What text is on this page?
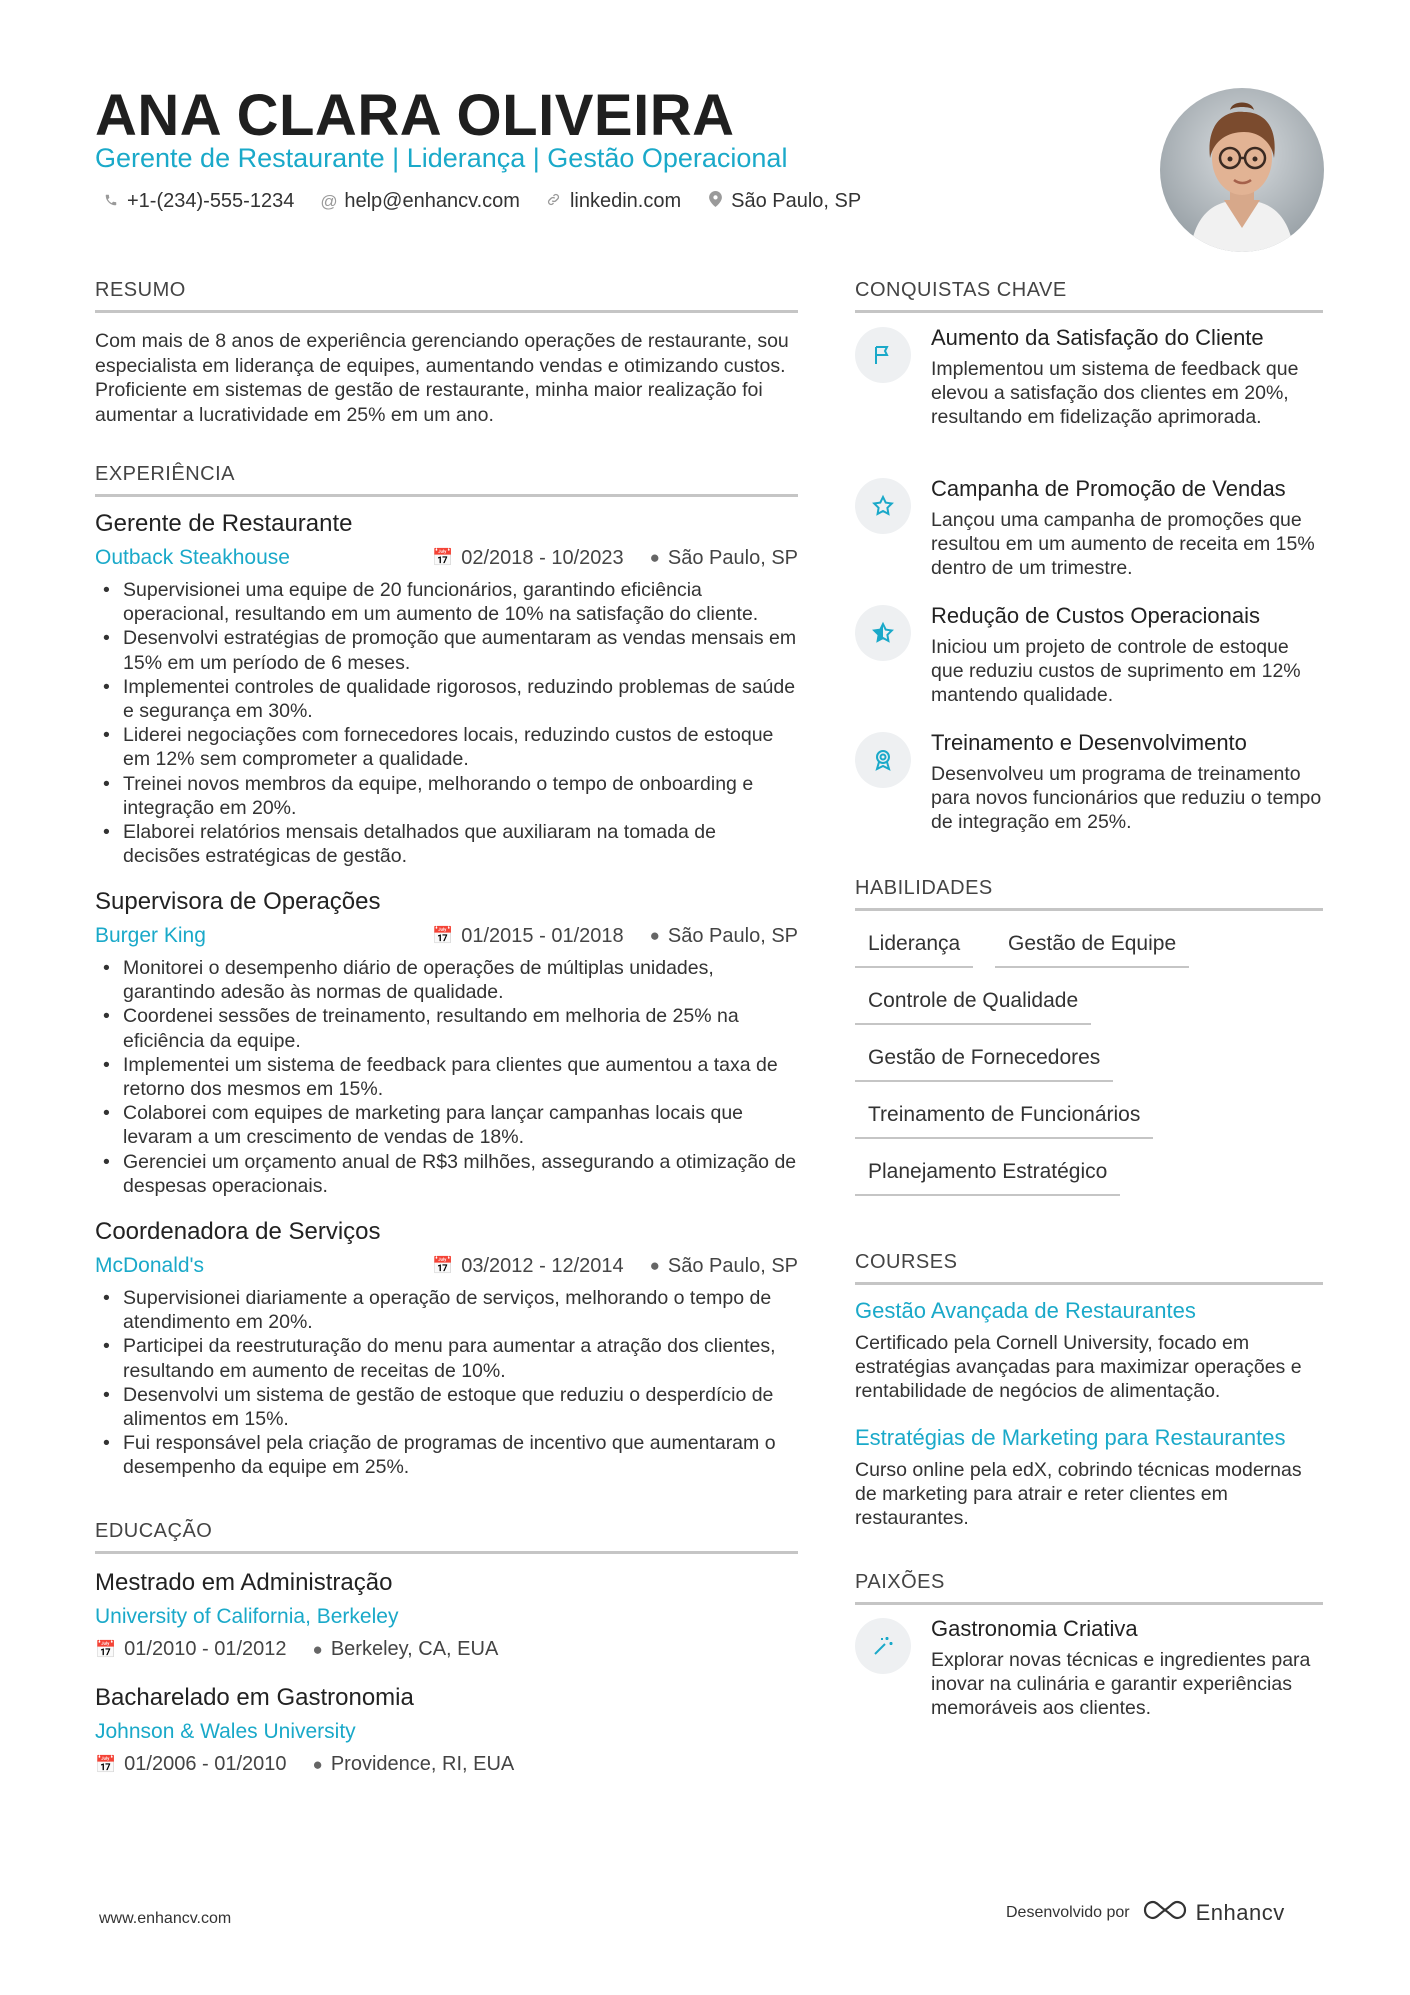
ANA CLARA OLIVEIRA
Gerente de Restaurante | Liderança | Gestão Operacional
+1-(234)-555-1234 @ help@enhancv.com	linkedin.com	São Paulo, SP
RESUMO
Com mais de 8 anos de experiência gerenciando operações de restaurante, sou especialista em liderança de equipes, aumentando vendas e otimizando custos. Proficiente em sistemas de gestão de restaurante, minha maior realização foi aumentar a lucratividade em 25% em um ano.
EXPERIÊNCIA
Gerente de Restaurante
Outback Steakhouse	📅 02/2018 - 10/2023 ● São Paulo, SP
• Supervisionei uma equipe de 20 funcionários, garantindo eficiência operacional, resultando em um aumento de 10% na satisfação do cliente.
• Desenvolvi estratégias de promoção que aumentaram as vendas mensais em 15% em um período de 6 meses.
• Implementei controles de qualidade rigorosos, reduzindo problemas de saúde e segurança em 30%.
• Liderei negociações com fornecedores locais, reduzindo custos de estoque em 12% sem comprometer a qualidade.
• Treinei novos membros da equipe, melhorando o tempo de onboarding e integração em 20%.
• Elaborei relatórios mensais detalhados que auxiliaram na tomada de decisões estratégicas de gestão.
Supervisora de Operações
Burger King	📅 01/2015 - 01/2018 ● São Paulo, SP
• Monitorei o desempenho diário de operações de múltiplas unidades, garantindo adesão às normas de qualidade.
• Coordenei sessões de treinamento, resultando em melhoria de 25% na eficiência da equipe.
• Implementei um sistema de feedback para clientes que aumentou a taxa de retorno dos mesmos em 15%.
• Colaborei com equipes de marketing para lançar campanhas locais que levaram a um crescimento de vendas de 18%.
• Gerenciei um orçamento anual de R$3 milhões, assegurando a otimização de despesas operacionais.
Coordenadora de Serviços
McDonald's	📅 03/2012 - 12/2014 ● São Paulo, SP
• Supervisionei diariamente a operação de serviços, melhorando o tempo de atendimento em 20%.
• Participei da reestruturação do menu para aumentar a atração dos clientes, resultando em aumento de receitas de 10%.
• Desenvolvi um sistema de gestão de estoque que reduziu o desperdício de alimentos em 15%.
• Fui responsável pela criação de programas de incentivo que aumentaram o desempenho da equipe em 25%.
EDUCAÇÃO
Mestrado em Administração
University of California, Berkeley
📅 01/2010 - 01/2012 ● Berkeley, CA, EUA
Bacharelado em Gastronomia
Johnson & Wales University
📅 01/2006 - 01/2010 ● Providence, RI, EUA
CONQUISTAS CHAVE
Aumento da Satisfação do Cliente
Implementou um sistema de feedback que elevou a satisfação dos clientes em 20%, resultando em fidelização aprimorada.
Campanha de Promoção de Vendas
Lançou uma campanha de promoções que resultou em um aumento de receita em 15% dentro de um trimestre.
Redução de Custos Operacionais
Iniciou um projeto de controle de estoque que reduziu custos de suprimento em 12% mantendo qualidade.
Treinamento e Desenvolvimento
Desenvolveu um programa de treinamento para novos funcionários que reduziu o tempo de integração em 25%.
HABILIDADES
Liderança	Gestão de Equipe
Controle de Qualidade
Gestão de Fornecedores
Treinamento de Funcionários
Planejamento Estratégico
COURSES
Gestão Avançada de Restaurantes
Certificado pela Cornell University, focado em estratégias avançadas para maximizar operações e rentabilidade de negócios de alimentação.
Estratégias de Marketing para Restaurantes
Curso online pela edX, cobrindo técnicas modernas de marketing para atrair e reter clientes em restaurantes.
PAIXÕES
Gastronomia Criativa
Explorar novas técnicas e ingredientes para inovar na culinária e garantir experiências memoráveis aos clientes.
www.enhancv.com	Desenvolvido por	Enhancv
